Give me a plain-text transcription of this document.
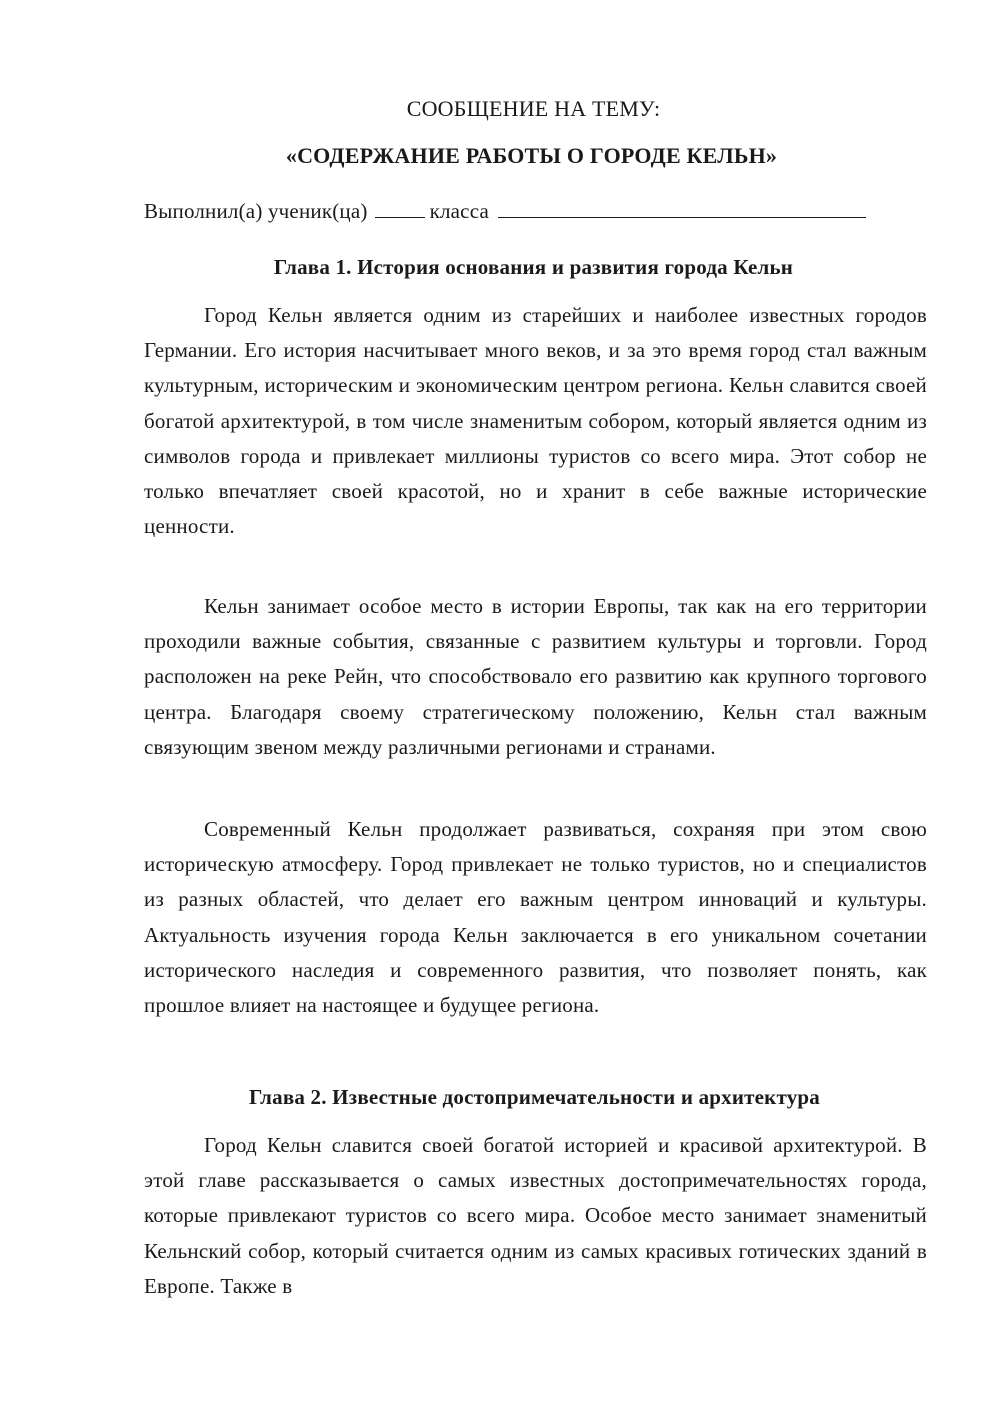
СООБЩЕНИЕ НА ТЕМУ:
«СОДЕРЖАНИЕ РАБОТЫ О ГОРОДЕ КЕЛЬН»
Выполнил(а) ученик(ца)	класса
Глава 1. История основания и развития города Кельн

Город Кельн является одним из старейших и наиболее известных городов Германии. Его история насчитывает много веков, и за это время город стал важным культурным, историческим и экономическим центром региона. Кельн славится своей богатой архитектурой, в том числе знаменитым собором, который является одним из символов города и привлекает миллионы туристов со всего мира. Этот собор не только впечатляет своей красотой, но и хранит в себе важные исторические ценности.

Кельн занимает особое место в истории Европы, так как на его территории проходили важные события, связанные с развитием культуры и торговли. Город расположен на реке Рейн, что способствовало его развитию как крупного торгового центра. Благодаря своему стратегическому положению, Кельн стал важным связующим звеном между различными регионами и странами.

Современный Кельн продолжает развиваться, сохраняя при этом свою историческую атмосферу. Город привлекает не только туристов, но и специалистов из разных областей, что делает его важным центром инноваций и культуры. Актуальность изучения города Кельн заключается в его уникальном сочетании исторического наследия и современного развития, что позволяет понять, как прошлое влияет на настоящее и будущее региона.

Глава 2. Известные достопримечательности и архитектура

Город Кельн славится своей богатой историей и красивой архитектурой. В этой главе рассказывается о самых известных достопримечательностях города, которые привлекают туристов со всего мира. Особое место занимает знаменитый Кельнский собор, который считается одним из самых красивых готических зданий в Европе. Также в
